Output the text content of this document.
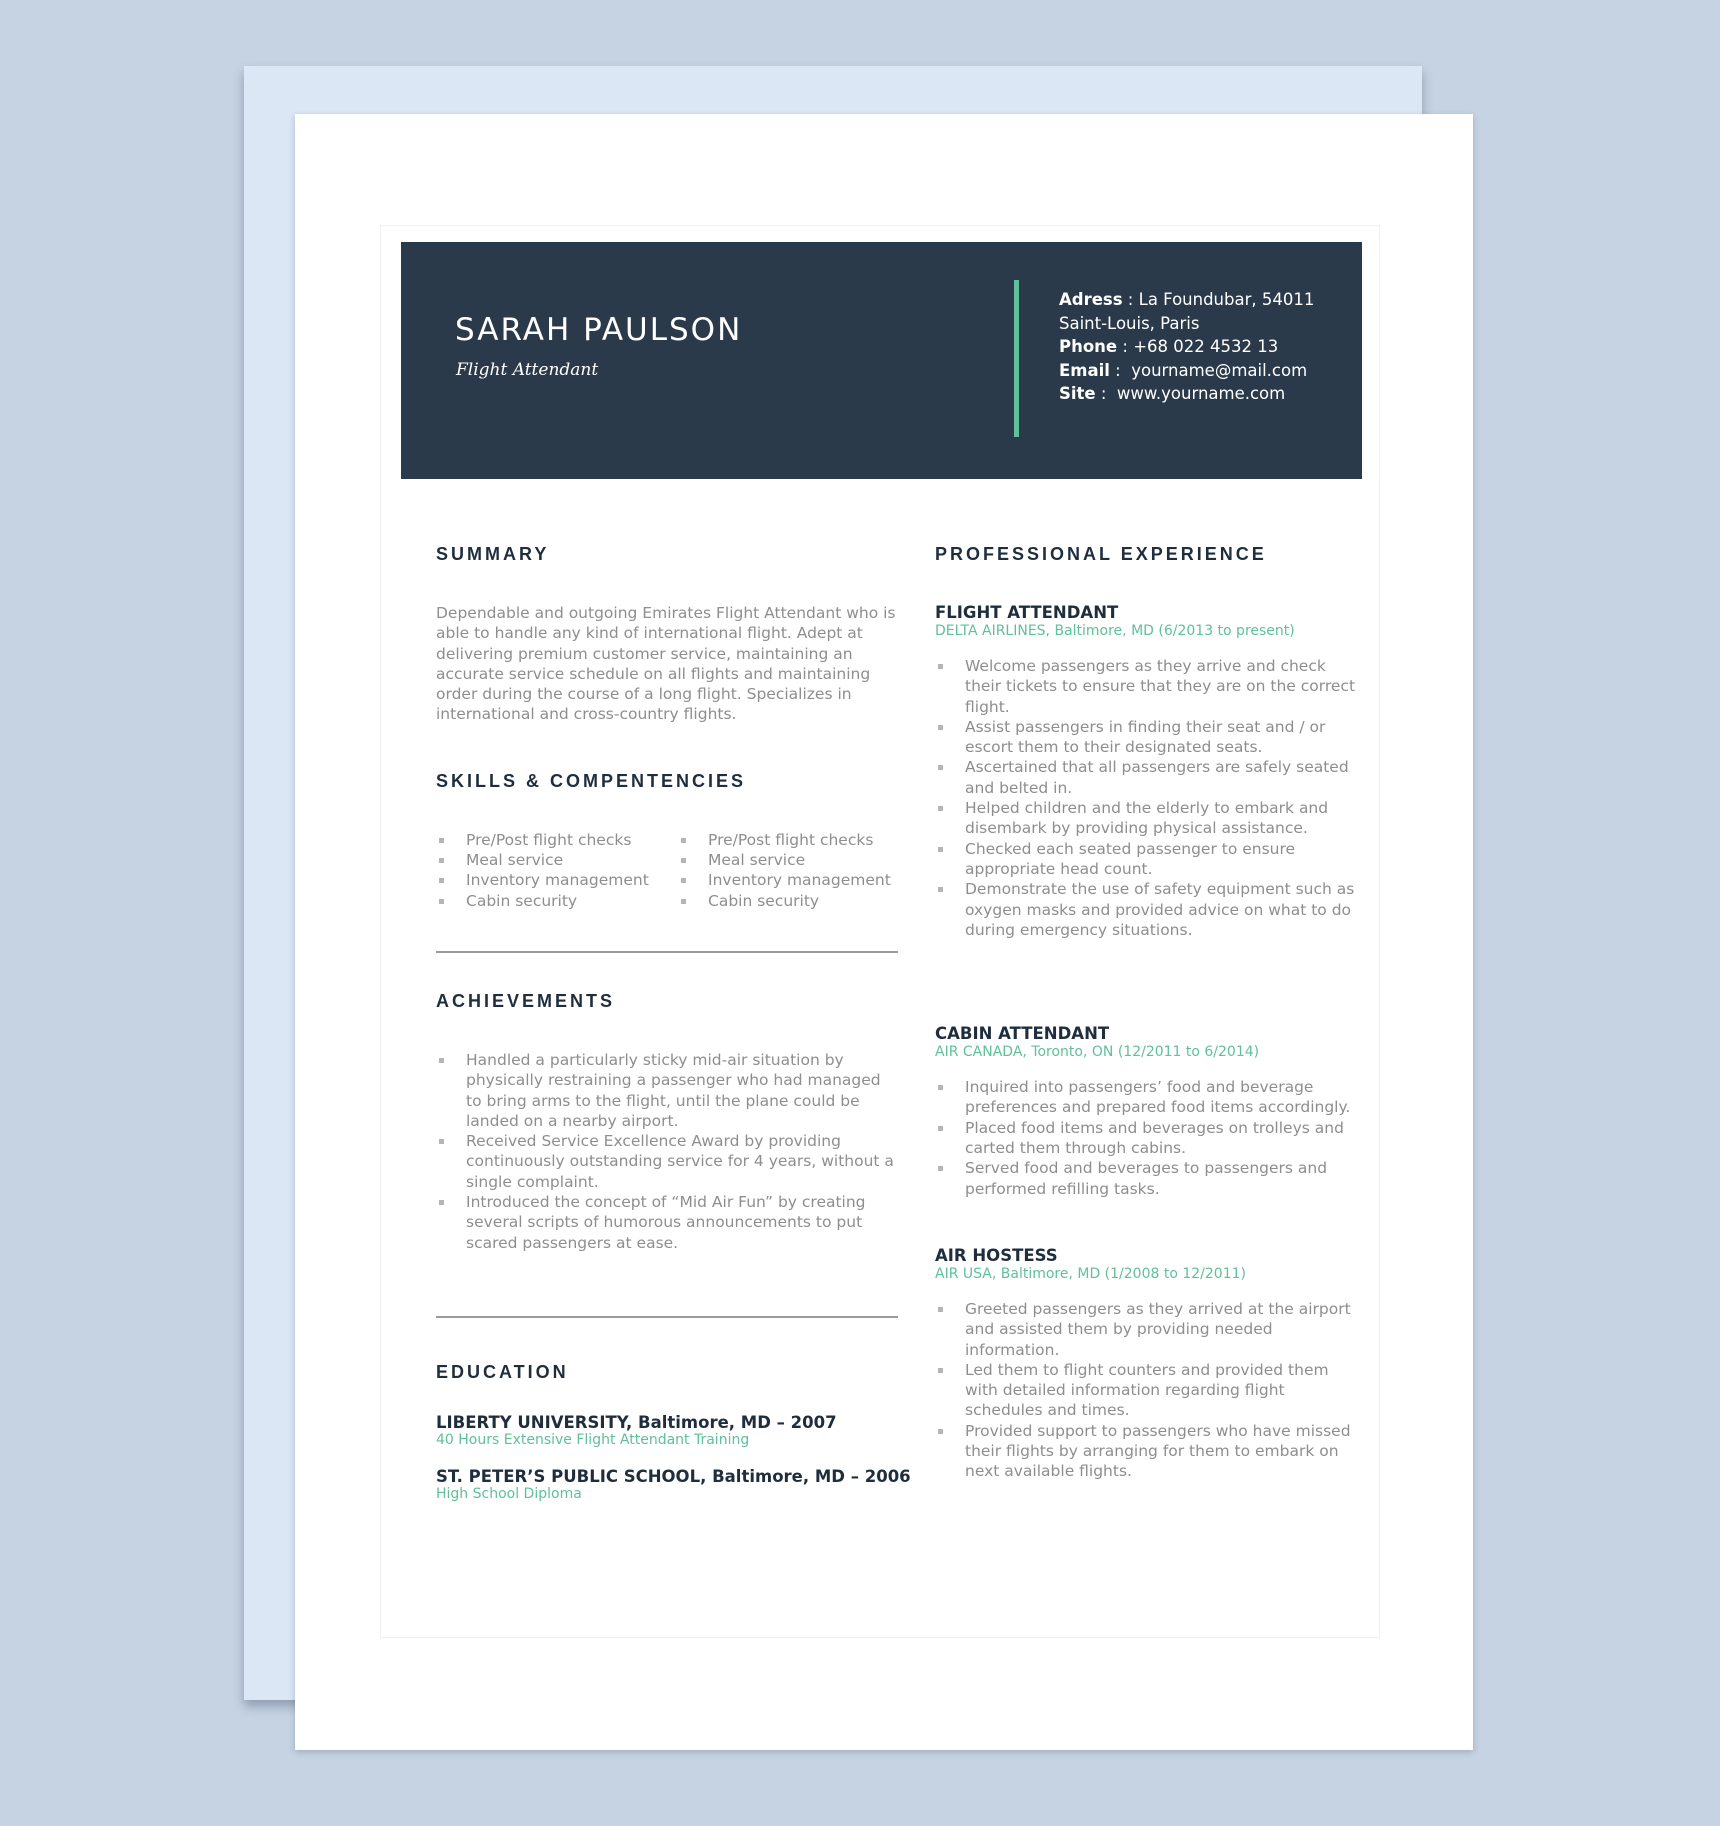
SARAH PAULSON
Flight Attendant
Adress : La Foundubar, 54011
Saint-Louis, Paris
Phone : +68 022 4532 13
Email :  yourname@mail.com
Site :  www.yourname.com
SUMMARY
Dependable and outgoing Emirates Flight Attendant who is able to handle any kind of international flight. Adept at delivering premium customer service, maintaining an accurate service schedule on all flights and maintaining order during the course of a long flight. Specializes in international and cross-country flights.
SKILLS & COMPENTENCIES
Pre/Post flight checks
Meal service
Inventory management
Cabin security
Pre/Post flight checks
Meal service
Inventory management
Cabin security
ACHIEVEMENTS
Handled a particularly sticky mid-air situation by physically restraining a passenger who had managed to bring arms to the flight, until the plane could be landed on a nearby airport.
Received Service Excellence Award by providing continuously outstanding service for 4 years, without a single complaint.
Introduced the concept of “Mid Air Fun” by creating several scripts of humorous announcements to put scared passengers at ease.
EDUCATION
LIBERTY UNIVERSITY, Baltimore, MD – 2007
40 Hours Extensive Flight Attendant Training
ST. PETER’S PUBLIC SCHOOL, Baltimore, MD – 2006
High School Diploma
PROFESSIONAL EXPERIENCE
FLIGHT ATTENDANT
DELTA AIRLINES, Baltimore, MD (6/2013 to present)
Welcome passengers as they arrive and check their tickets to ensure that they are on the correct flight.
Assist passengers in finding their seat and / or escort them to their designated seats.
Ascertained that all passengers are safely seated and belted in.
Helped children and the elderly to embark and disembark by providing physical assistance.
Checked each seated passenger to ensure appropriate head count.
Demonstrate the use of safety equipment such as oxygen masks and provided advice on what to do during emergency situations.
CABIN ATTENDANT
AIR CANADA, Toronto, ON (12/2011 to 6/2014)
Inquired into passengers’ food and beverage preferences and prepared food items accordingly.
Placed food items and beverages on trolleys and carted them through cabins.
Served food and beverages to passengers and performed refilling tasks.
AIR HOSTESS
AIR USA, Baltimore, MD (1/2008 to 12/2011)
Greeted passengers as they arrived at the airport and assisted them by providing needed information.
Led them to flight counters and provided them with detailed information regarding flight schedules and times.
Provided support to passengers who have missed their flights by arranging for them to embark on next available flights.
